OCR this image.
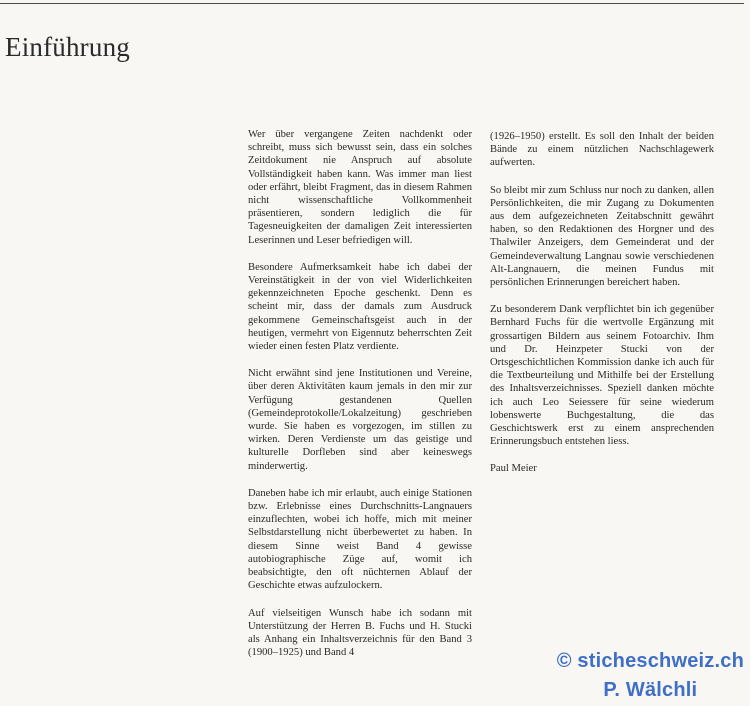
Einführung

Wer über vergangene Zeiten nachdenkt oder schreibt, muss sich bewusst sein, dass ein solches Zeitdokument nie Anspruch auf absolute Vollständigkeit haben kann. Was immer man liest oder erfährt, bleibt Fragment, das in diesem Rahmen nicht wissenschaftliche Vollkommenheit präsentieren, sondern lediglich die für Tagesneuigkeiten der damaligen Zeit interessierten Leserinnen und Leser befriedigen will.

Besondere Aufmerksamkeit habe ich dabei der Vereinstätigkeit in der von viel Widerlichkeiten gekennzeichneten Epoche geschenkt. Denn es scheint mir, dass der damals zum Ausdruck gekommene Gemeinschaftsgeist auch in der heutigen, vermehrt von Eigennutz beherrschten Zeit wieder einen festen Platz verdiente.

Nicht erwähnt sind jene Institutionen und Vereine, über deren Aktivitäten kaum jemals in den mir zur Verfügung gestandenen Quellen (Gemeindeprotokolle/Lokalzeitung) geschrieben wurde. Sie haben es vorgezogen, im stillen zu wirken. Deren Verdienste um das geistige und kulturelle Dorfleben sind aber keineswegs minderwertig.

Daneben habe ich mir erlaubt, auch einige Stationen bzw. Erlebnisse eines Durchschnitts-Langnauers einzuflechten, wobei ich hoffe, mich mit meiner Selbstdarstellung nicht überbewertet zu haben. In diesem Sinne weist Band 4 gewisse autobiographische Züge auf, womit ich beabsichtigte, den oft nüchternen Ablauf der Geschichte etwas aufzulockern.

Auf vielseitigen Wunsch habe ich sodann mit Unterstützung der Herren B. Fuchs und H. Stucki als Anhang ein Inhaltsverzeichnis für den Band 3 (1900–1925) und Band 4

(1926–1950) erstellt. Es soll den Inhalt der beiden Bände zu einem nützlichen Nachschlagewerk aufwerten.

So bleibt mir zum Schluss nur noch zu danken, allen Persönlichkeiten, die mir Zugang zu Dokumenten aus dem aufgezeichneten Zeitabschnitt gewährt haben, so den Redaktionen des Horgner und des Thalwiler Anzeigers, dem Gemeinderat und der Gemeindeverwaltung Langnau sowie verschiedenen Alt-Langnauern, die meinen Fundus mit persönlichen Erinnerungen bereichert haben.

Zu besonderem Dank verpflichtet bin ich gegenüber Bernhard Fuchs für die wertvolle Ergänzung mit grossartigen Bildern aus seinem Fotoarchiv. Ihm und Dr. Heinzpeter Stucki von der Ortsgeschichtlichen Kommission danke ich auch für die Textbeurteilung und Mithilfe bei der Erstellung des Inhaltsverzeichnisses. Speziell danken möchte ich auch Leo Seiessere für seine wiederum lobenswerte Buchgestaltung, die das Geschichtswerk erst zu einem ansprechenden Erinnerungsbuch entstehen liess.

Paul Meier

© sticheschweiz.ch
P. Wälchli
